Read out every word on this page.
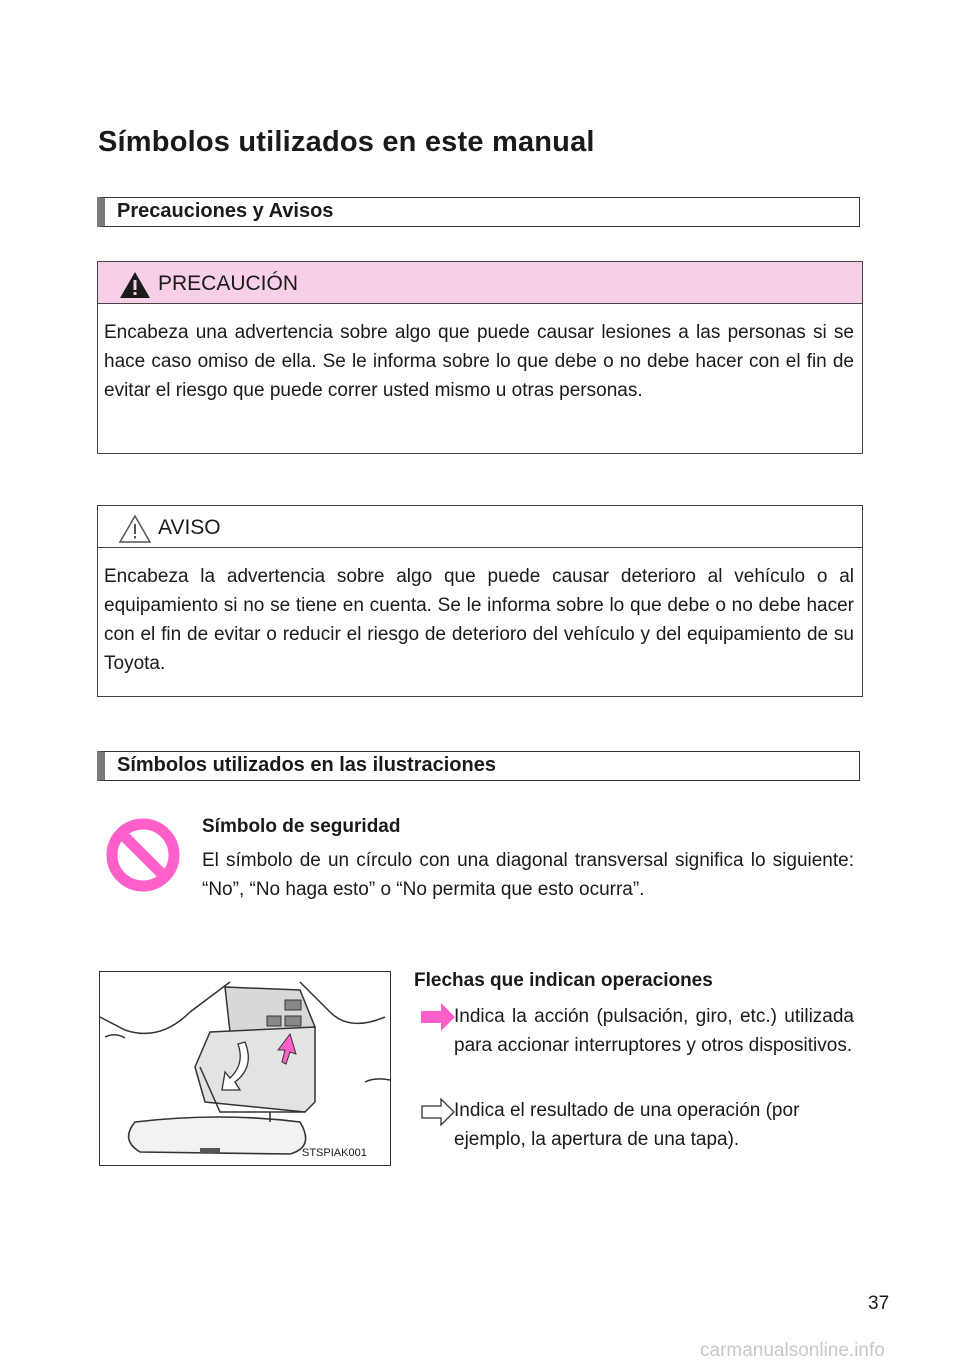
Símbolos utilizados en este manual
Precauciones y Avisos
PRECAUCIÓN
Encabeza una advertencia sobre algo que puede causar lesiones a las personas si se hace caso omiso de ella. Se le informa sobre lo que debe o no debe hacer con el fin de evitar el riesgo que puede correr usted mismo u otras personas.
AVISO
Encabeza la advertencia sobre algo que puede causar deterioro al vehículo o al equipamiento si no se tiene en cuenta. Se le informa sobre lo que debe o no debe hacer con el fin de evitar o reducir el riesgo de deterioro del vehículo y del equipamiento de su Toyota.
Símbolos utilizados en las ilustraciones
Símbolo de seguridad
El símbolo de un círculo con una diagonal transversal significa lo siguiente: “No”, “No haga esto” o “No permita que esto ocurra”.
STSPIAK001
Flechas que indican operaciones
Indica la acción (pulsación, giro, etc.) utilizada para accionar interruptores y otros dispositivos.
Indica el resultado de una operación (por ejemplo, la apertura de una tapa).
37
carmanualsonline.info
